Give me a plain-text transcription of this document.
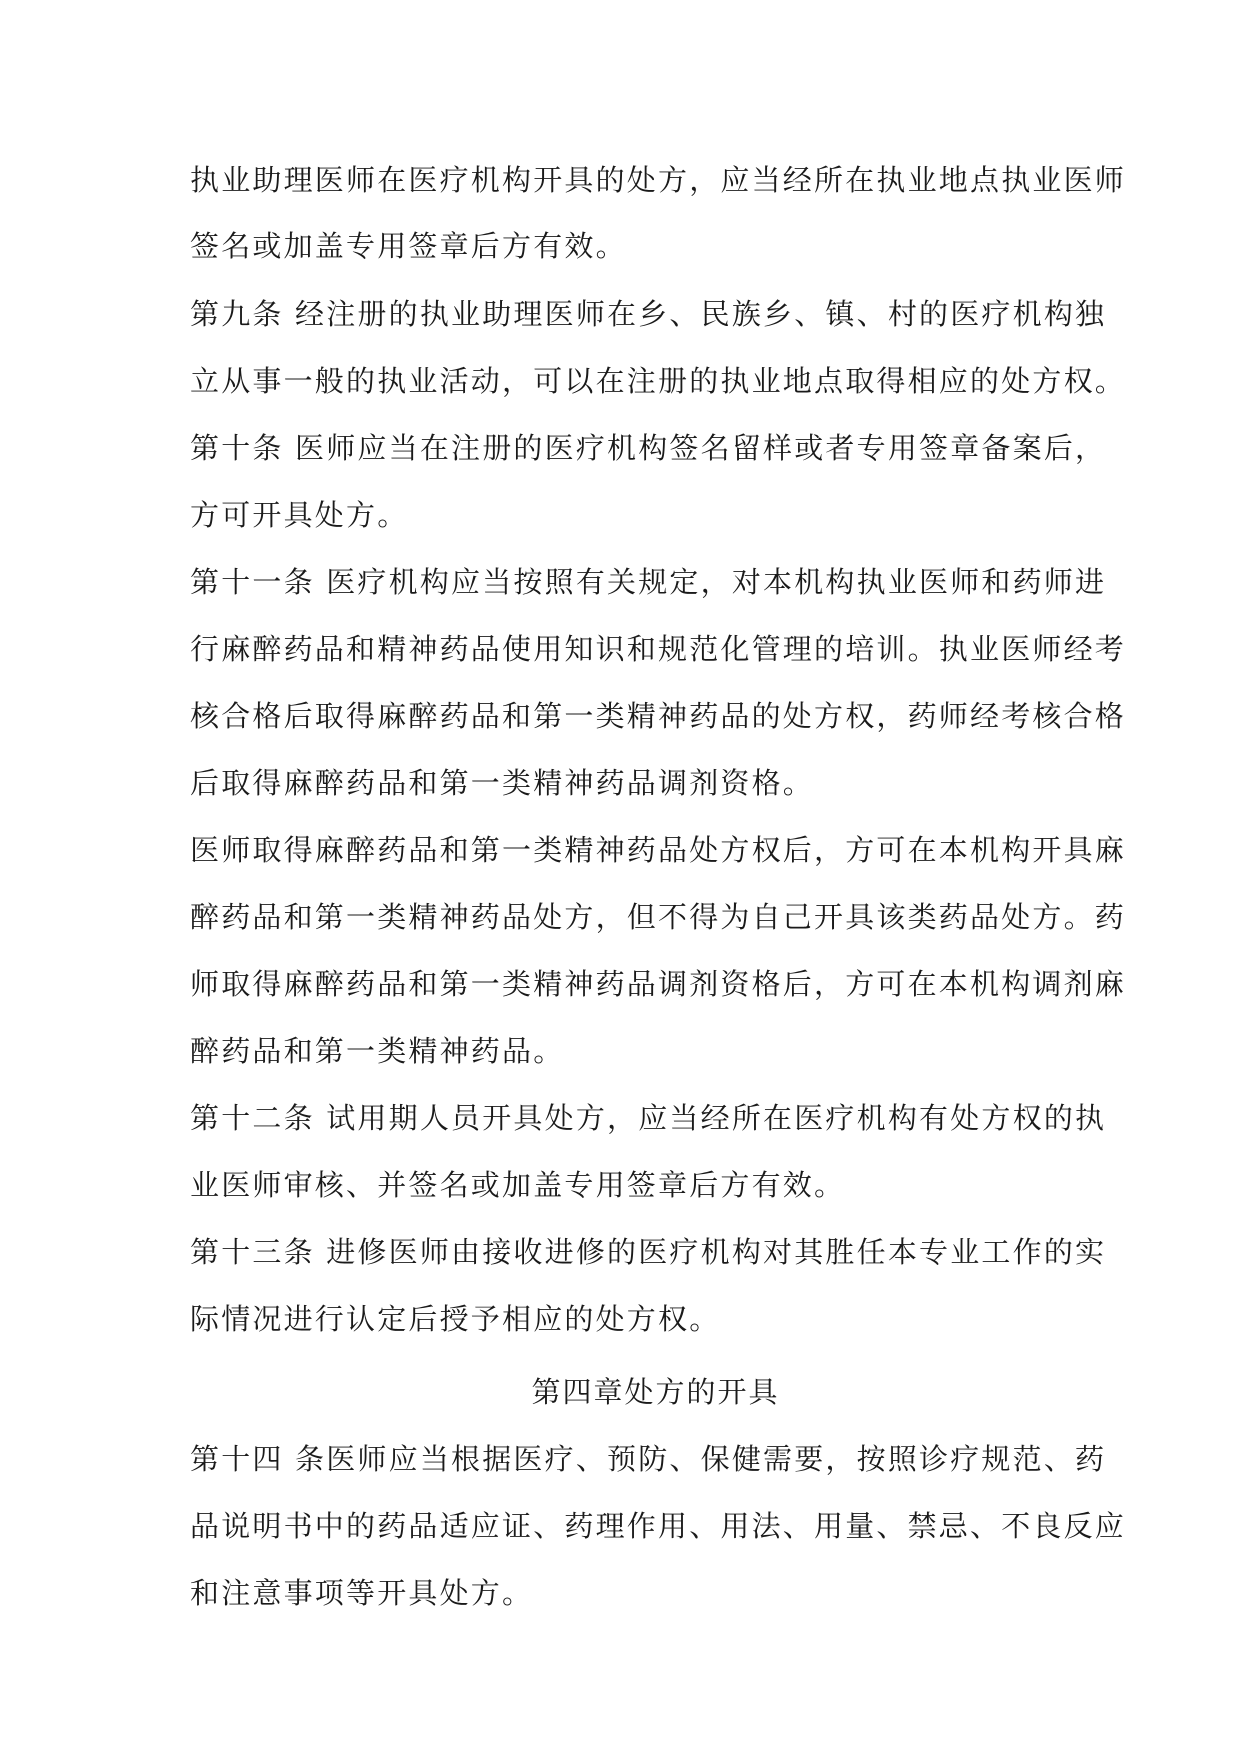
执业助理医师在医疗机构开具的处方，应当经所在执业地点执业医师
签名或加盖专用签章后方有效。
第九条 经注册的执业助理医师在乡、民族乡、镇、村的医疗机构独
立从事一般的执业活动，可以在注册的执业地点取得相应的处方权。
第十条 医师应当在注册的医疗机构签名留样或者专用签章备案后，
方可开具处方。
第十一条 医疗机构应当按照有关规定，对本机构执业医师和药师进
行麻醉药品和精神药品使用知识和规范化管理的培训。执业医师经考
核合格后取得麻醉药品和第一类精神药品的处方权，药师经考核合格
后取得麻醉药品和第一类精神药品调剂资格。
医师取得麻醉药品和第一类精神药品处方权后，方可在本机构开具麻
醉药品和第一类精神药品处方，但不得为自己开具该类药品处方。药
师取得麻醉药品和第一类精神药品调剂资格后，方可在本机构调剂麻
醉药品和第一类精神药品。
第十二条 试用期人员开具处方，应当经所在医疗机构有处方权的执
业医师审核、并签名或加盖专用签章后方有效。
第十三条 进修医师由接收进修的医疗机构对其胜任本专业工作的实
际情况进行认定后授予相应的处方权。
第四章处方的开具
第十四 条医师应当根据医疗、预防、保健需要，按照诊疗规范、药
品说明书中的药品适应证、药理作用、用法、用量、禁忌、不良反应
和注意事项等开具处方。
